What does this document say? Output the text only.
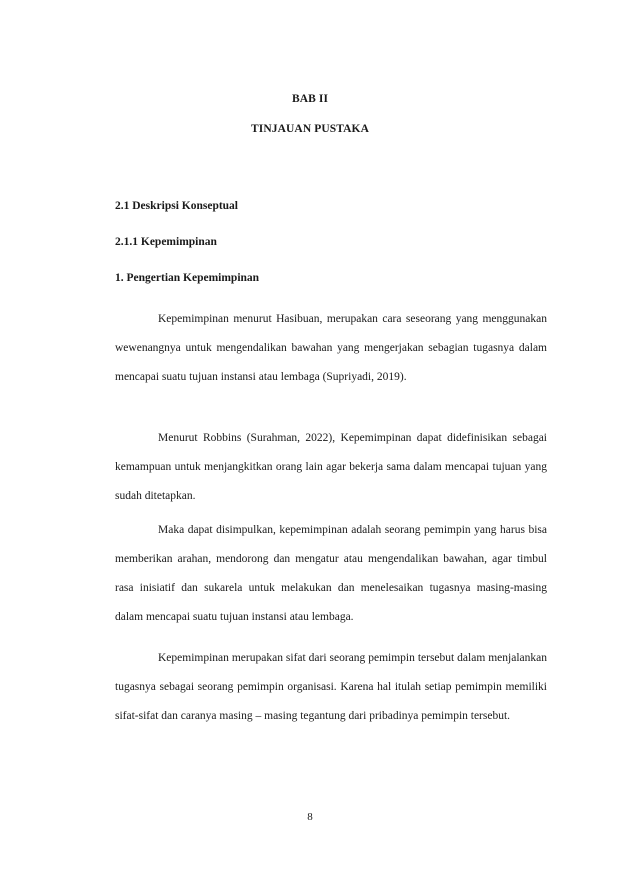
BAB II
TINJAUAN PUSTAKA
2.1 Deskripsi Konseptual
2.1.1 Kepemimpinan
1. Pengertian Kepemimpinan

Kepemimpinan menurut Hasibuan, merupakan cara seseorang yang menggunakan wewenangnya untuk mengendalikan bawahan yang mengerjakan sebagian tugasnya dalam mencapai suatu tujuan instansi atau lembaga (Supriyadi, 2019).

Menurut Robbins (Surahman, 2022), Kepemimpinan dapat didefinisikan sebagai kemampuan untuk menjangkitkan orang lain agar bekerja sama dalam mencapai tujuan yang sudah ditetapkan.

Maka dapat disimpulkan, kepemimpinan adalah seorang pemimpin yang harus bisa memberikan arahan, mendorong dan mengatur atau mengendalikan bawahan, agar timbul rasa inisiatif dan sukarela untuk melakukan dan menelesaikan tugasnya masing-masing dalam mencapai suatu tujuan instansi atau lembaga.

Kepemimpinan merupakan sifat dari seorang pemimpin tersebut dalam menjalankan tugasnya sebagai seorang pemimpin organisasi. Karena hal itulah setiap pemimpin memiliki sifat-sifat dan caranya masing – masing tegantung dari pribadinya pemimpin tersebut.

8
